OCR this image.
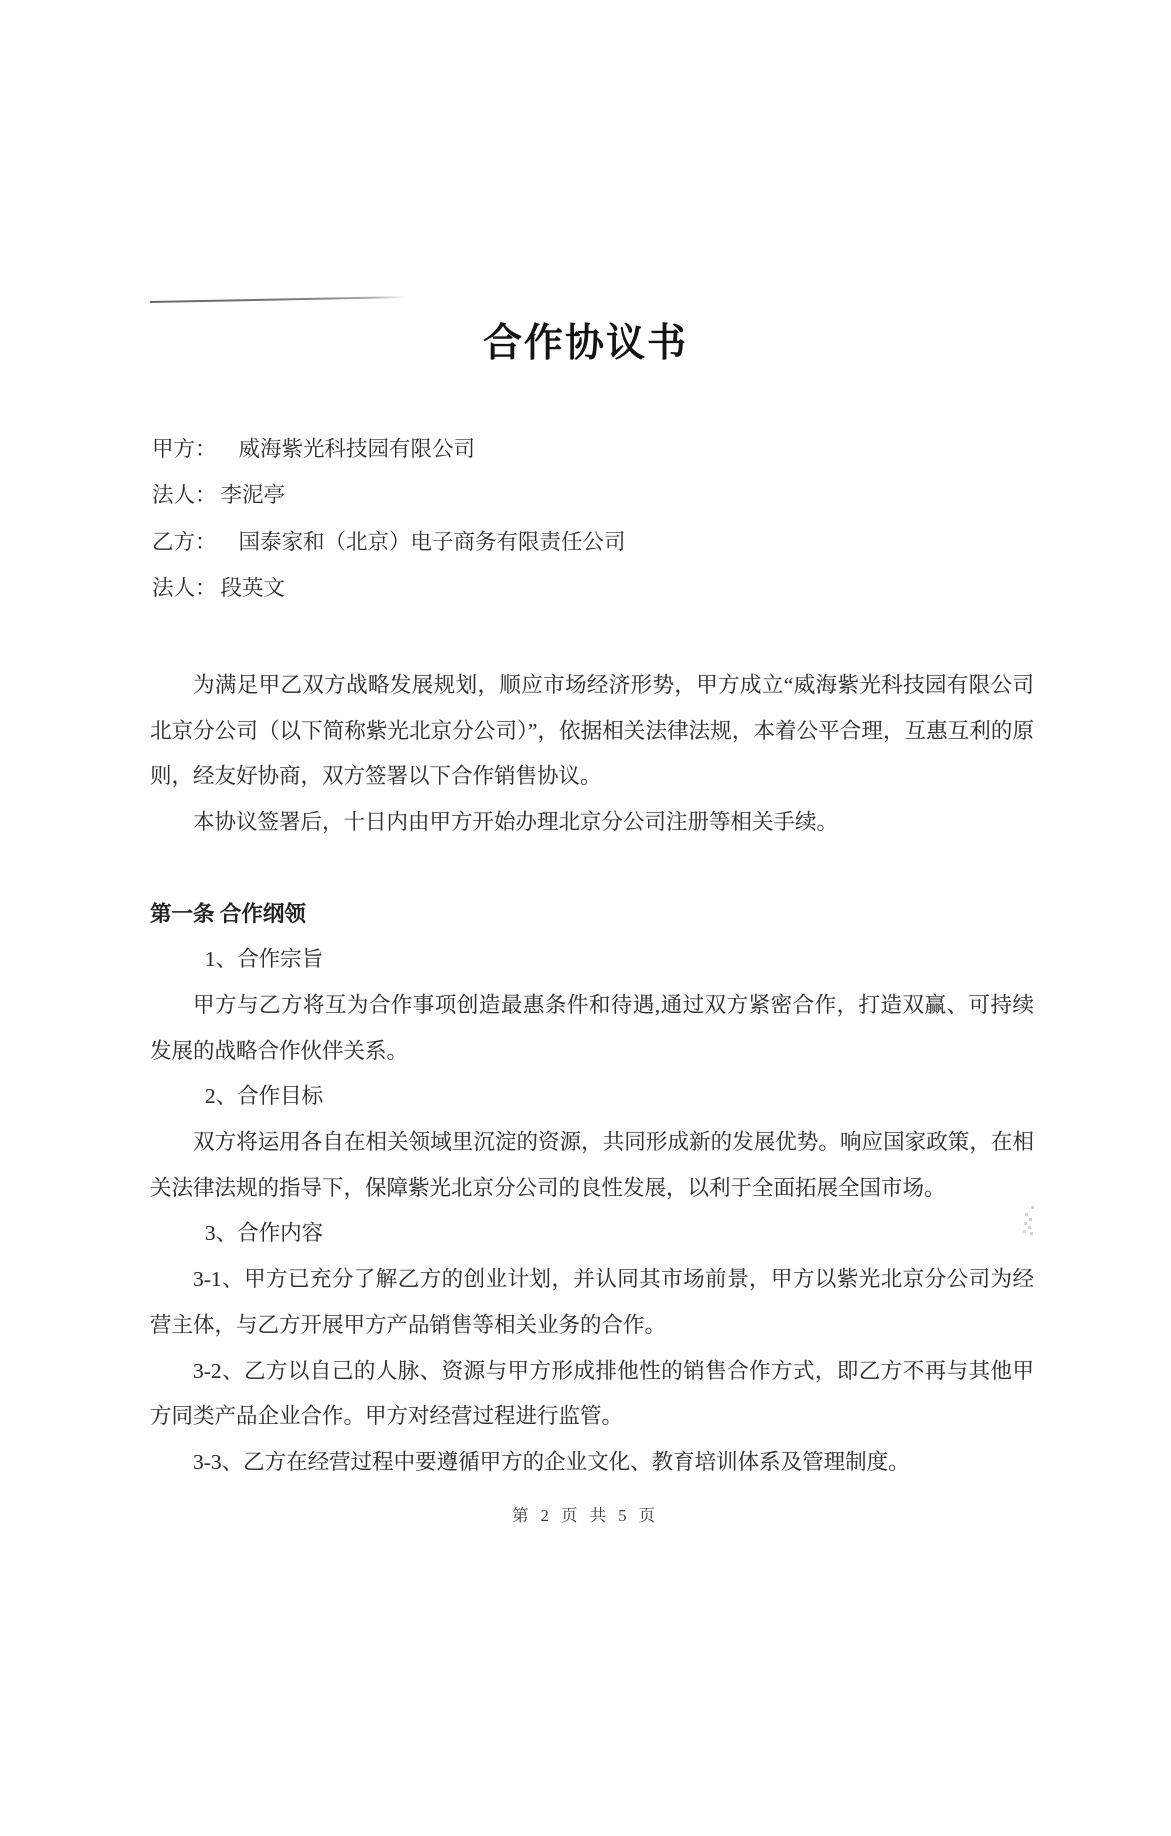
合作协议书
甲方： 威海紫光科技园有限公司
法人： 李泥亭
乙方： 国泰家和（北京）电子商务有限责任公司
法人： 段英文

为满足甲乙双方战略发展规划，顺应市场经济形势，甲方成立“威海紫光科技园有限公司北京分公司（以下简称紫光北京分公司）”，依据相关法律法规，本着公平合理，互惠互利的原则，经友好协商，双方签署以下合作销售协议。

本协议签署后，十日内由甲方开始办理北京分公司注册等相关手续。

第一条 合作纲领

1、合作宗旨

甲方与乙方将互为合作事项创造最惠条件和待遇,通过双方紧密合作，打造双赢、可持续发展的战略合作伙伴关系。

2、合作目标

双方将运用各自在相关领域里沉淀的资源，共同形成新的发展优势。响应国家政策，在相关法律法规的指导下，保障紫光北京分公司的良性发展，以利于全面拓展全国市场。

3、合作内容

3-1、甲方已充分了解乙方的创业计划，并认同其市场前景，甲方以紫光北京分公司为经营主体，与乙方开展甲方产品销售等相关业务的合作。

3-2、乙方以自己的人脉、资源与甲方形成排他性的销售合作方式，即乙方不再与其他甲方同类产品企业合作。甲方对经营过程进行监管。

3-3、乙方在经营过程中要遵循甲方的企业文化、教育培训体系及管理制度。

第 2 页 共 5 页
